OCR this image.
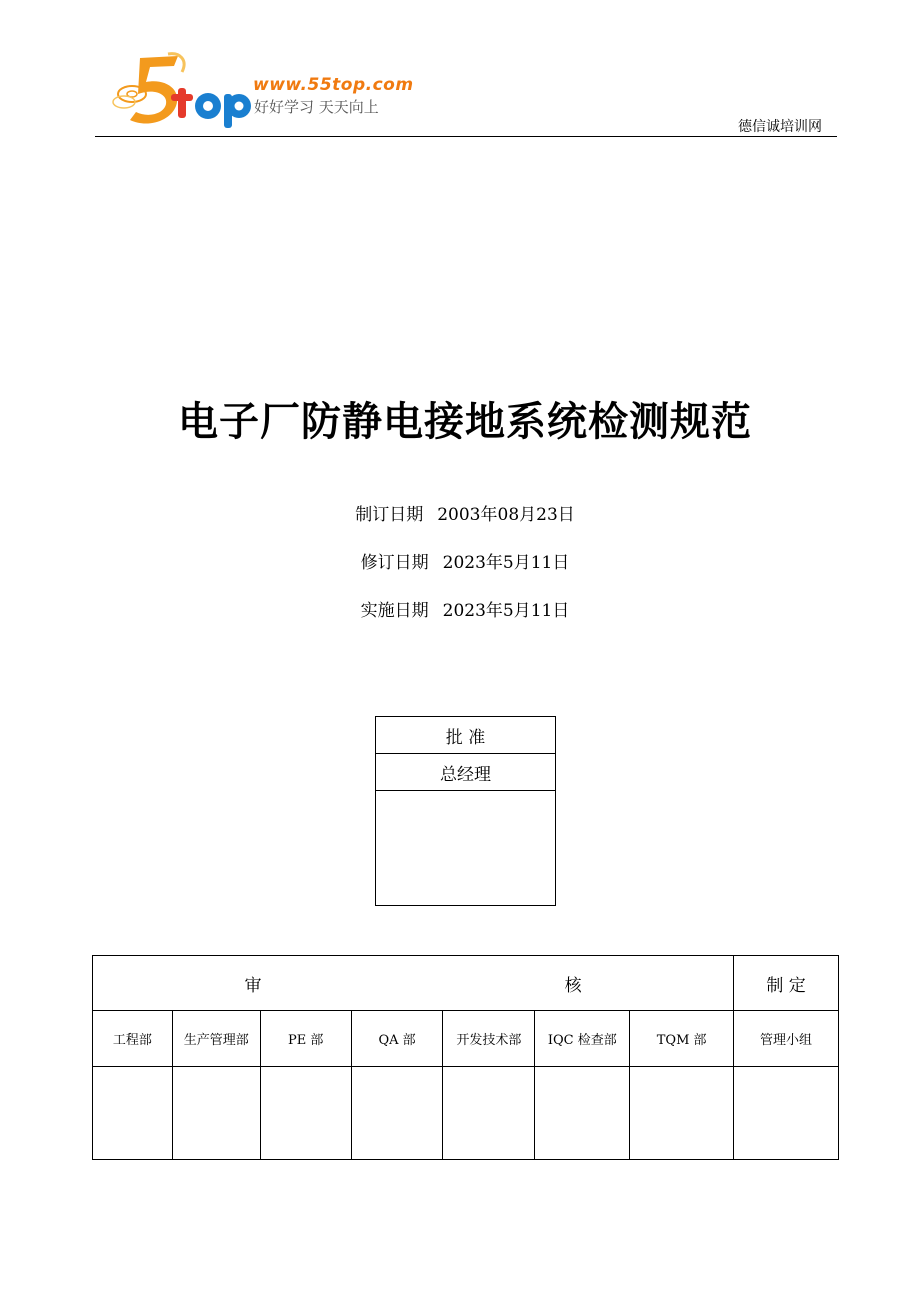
www.55top.com
好好学习 天天向上
德信诚培训网
电子厂防静电接地系统检测规范
制订日期 2003年08月23日
修订日期 2023年5月11日
实施日期 2023年5月11日
批 准
总经理

审 核							制 定
工程部	生产管理部	PE 部	QA 部	开发技术部	IQC 检查部	TQM 部	管理小组
